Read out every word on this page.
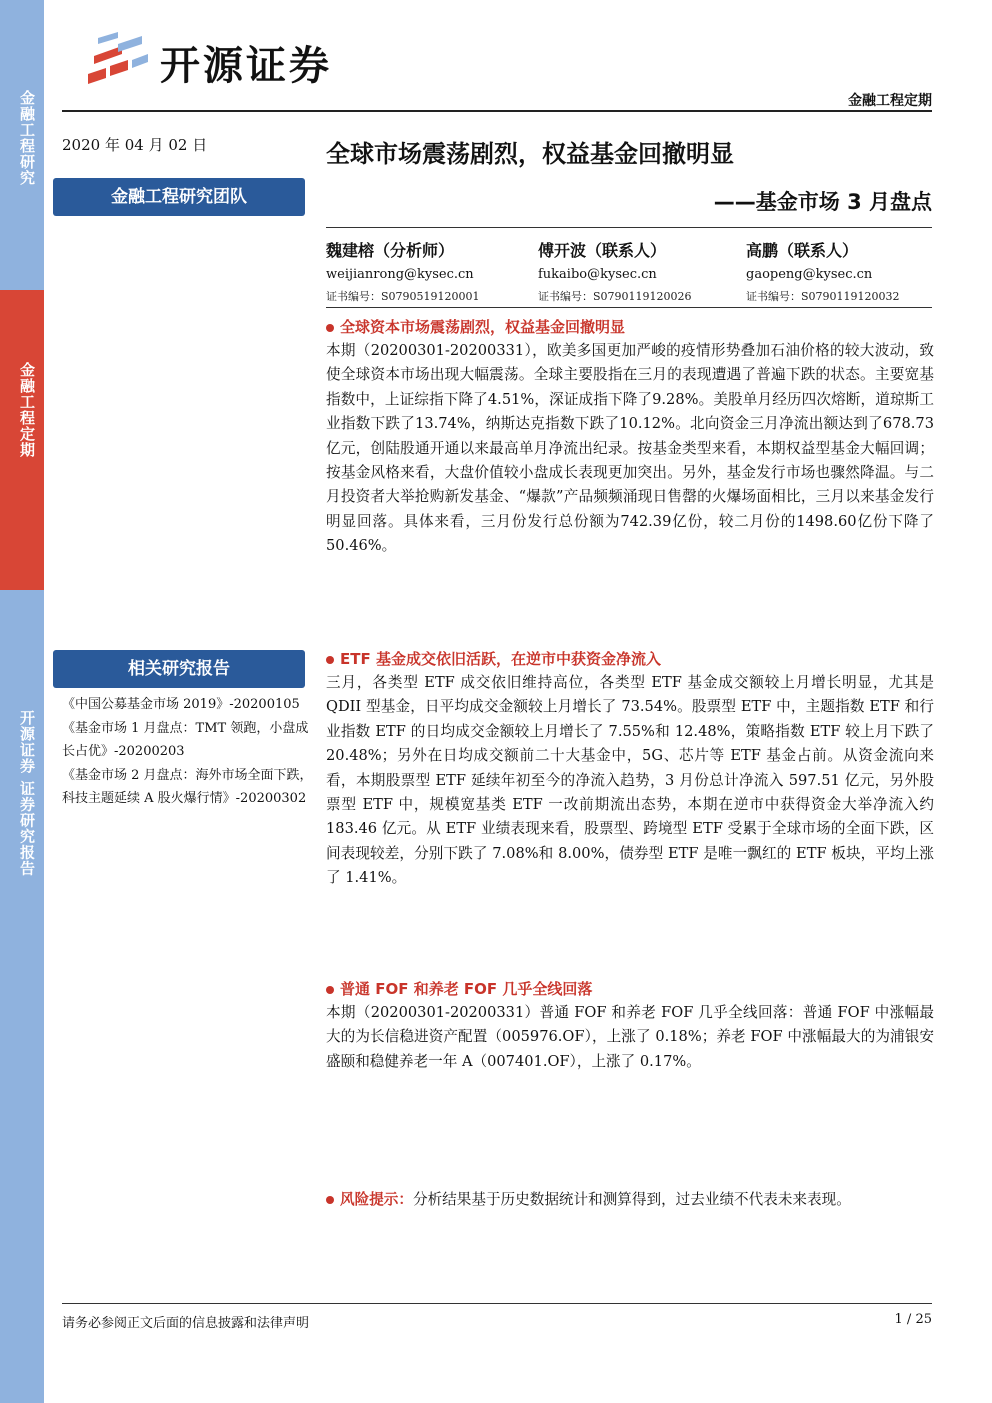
金融工程研究
金融工程定期
开源证券 证券研究报告
开源证券
金融工程定期
2020 年 04 月 02 日	全球市场震荡剧烈，权益基金回撤明显
——基金市场 3 月盘点
金融工程研究团队
魏建榕（分析师）
weijianrong@kysec.cn
证书编号：S0790519120001
傅开波（联系人）
fukaibo@kysec.cn
证书编号：S0790119120026
高鹏（联系人）
gaopeng@kysec.cn
证书编号：S0790119120032
全球资本市场震荡剧烈，权益基金回撤明显
本期（20200301-20200331），欧美多国更加严峻的疫情形势叠加石油价格的较大波动，致使全球资本市场出现大幅震荡。全球主要股指在三月的表现遭遇了普遍下跌的状态。主要宽基指数中，上证综指下降了4.51%，深证成指下降了9.28%。美股单月经历四次熔断，道琼斯工业指数下跌了13.74%，纳斯达克指数下跌了10.12%。北向资金三月净流出额达到了678.73亿元，创陆股通开通以来最高单月净流出纪录。按基金类型来看，本期权益型基金大幅回调；按基金风格来看，大盘价值较小盘成长表现更加突出。另外，基金发行市场也骤然降温。与二月投资者大举抢购新发基金、“爆款”产品频频涌现日售罄的火爆场面相比，三月以来基金发行明显回落。具体来看，三月份发行总份额为742.39亿份，较二月份的1498.60亿份下降了50.46%。
相关研究报告
《中国公募基金市场 2019》-20200105
《基金市场 1 月盘点：TMT 领跑，小盘成长占优》-20200203
《基金市场 2 月盘点：海外市场全面下跌，科技主题延续 A 股火爆行情》-20200302
ETF 基金成交依旧活跃，在逆市中获资金净流入
三月，各类型 ETF 成交依旧维持高位，各类型 ETF 基金成交额较上月增长明显，尤其是 QDII 型基金，日平均成交金额较上月增长了 73.54%。股票型 ETF 中，主题指数 ETF 和行业指数 ETF 的日均成交金额较上月增长了 7.55%和 12.48%，策略指数 ETF 较上月下跌了 20.48%；另外在日均成交额前二十大基金中，5G、芯片等 ETF 基金占前。从资金流向来看，本期股票型 ETF 延续年初至今的净流入趋势，3 月份总计净流入 597.51 亿元，另外股票型 ETF 中，规模宽基类 ETF 一改前期流出态势，本期在逆市中获得资金大举净流入约 183.46 亿元。从 ETF 业绩表现来看，股票型、跨境型 ETF 受累于全球市场的全面下跌，区间表现较差，分别下跌了 7.08%和 8.00%，债券型 ETF 是唯一飘红的 ETF 板块，平均上涨了 1.41%。
普通 FOF 和养老 FOF 几乎全线回落
本期（20200301-20200331）普通 FOF 和养老 FOF 几乎全线回落：普通 FOF 中涨幅最大的为长信稳进资产配置（005976.OF），上涨了 0.18%；养老 FOF 中涨幅最大的为浦银安盛颐和稳健养老一年 A（007401.OF），上涨了 0.17%。
风险提示：分析结果基于历史数据统计和测算得到，过去业绩不代表未来表现。
请务必参阅正文后面的信息披露和法律声明	1 / 25
